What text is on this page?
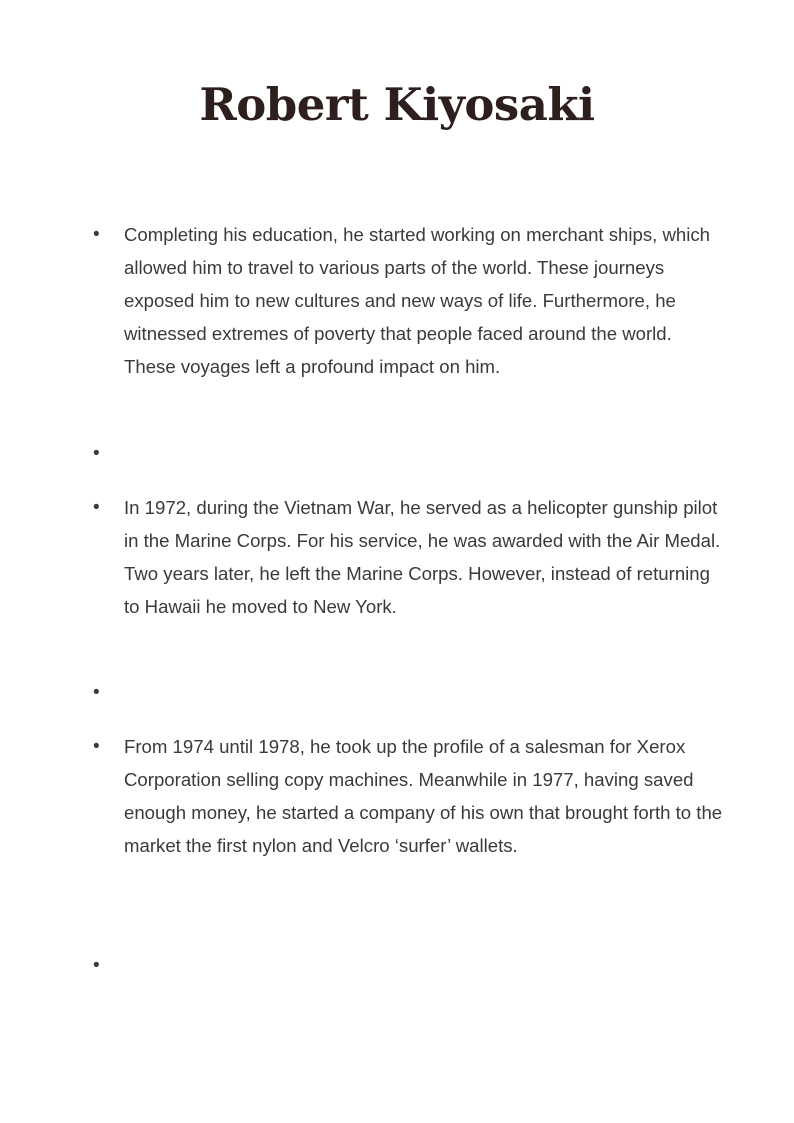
Robert Kiyosaki
• Completing his education, he started working on merchant ships, which allowed him to travel to various parts of the world. These journeys exposed him to new cultures and new ways of life. Furthermore, he witnessed extremes of poverty that people faced around the world. These voyages left a profound impact on him.

•

• In 1972, during the Vietnam War, he served as a helicopter gunship pilot in the Marine Corps. For his service, he was awarded with the Air Medal. Two years later, he left the Marine Corps. However, instead of returning to Hawaii he moved to New York.

•

• From 1974 until 1978, he took up the profile of a salesman for Xerox Corporation selling copy machines. Meanwhile in 1977, having saved enough money, he started a company of his own that brought forth to the market the first nylon and Velcro ‘surfer’ wallets.

•
